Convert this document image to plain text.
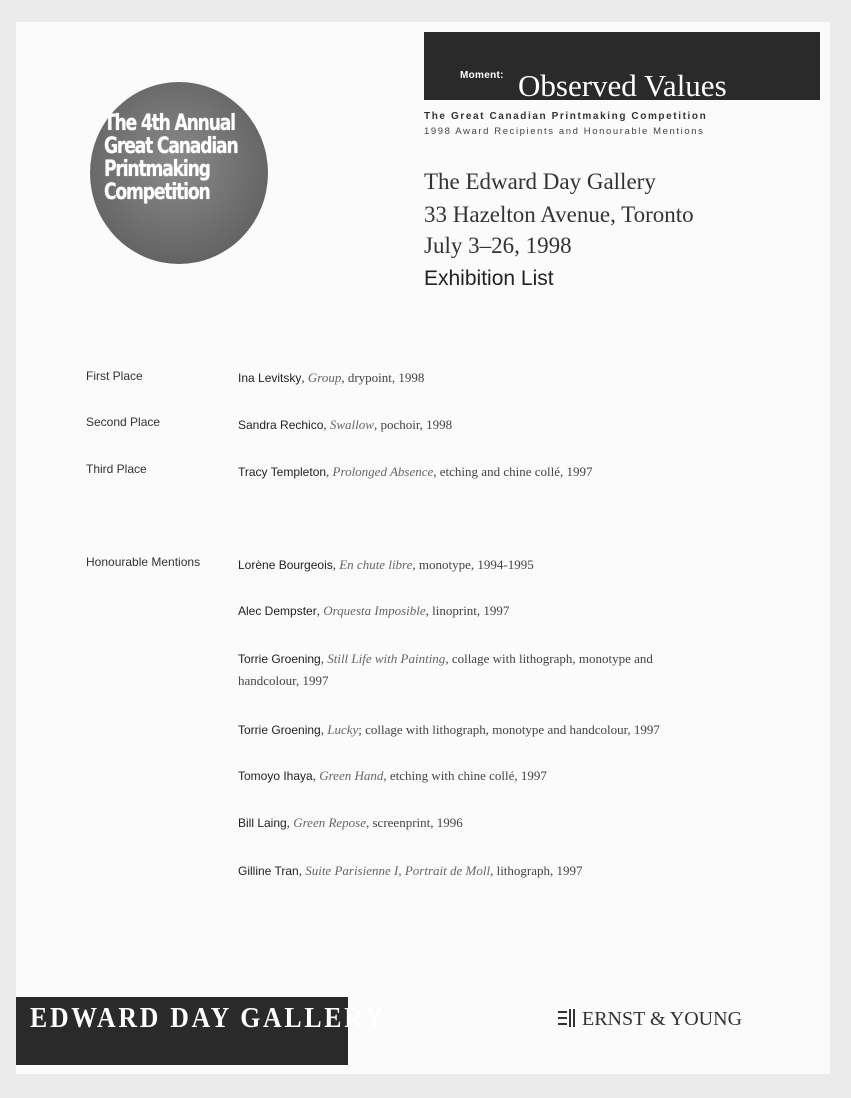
Moment: Observed Values
The Great Canadian Printmaking Competition
1998 Award Recipients and Honourable Mentions
The 4th Annual
Great Canadian
Printmaking
Competition	The Edward Day Gallery
33 Hazelton Avenue, Toronto
July 3–26, 1998
Exhibition List
First Place	Ina Levitsky, Group, drypoint, 1998
Second Place	Sandra Rechico, Swallow, pochoir, 1998
Third Place	Tracy Templeton, Prolonged Absence, etching and chine collé, 1997
Honourable Mentions	Lorène Bourgeois, En chute libre, monotype, 1994-1995
Alec Dempster, Orquesta Imposible, linoprint, 1997
Torrie Groening, Still Life with Painting, collage with lithograph, monotype and handcolour, 1997
Torrie Groening, Lucky; collage with lithograph, monotype and handcolour, 1997
Tomoyo Ihaya, Green Hand, etching with chine collé, 1997
Bill Laing, Green Repose, screenprint, 1996
Gilline Tran, Suite Parisienne I, Portrait de Moll, lithograph, 1997
EDWARD DAY GALLERY	ERNST & YOUNG
